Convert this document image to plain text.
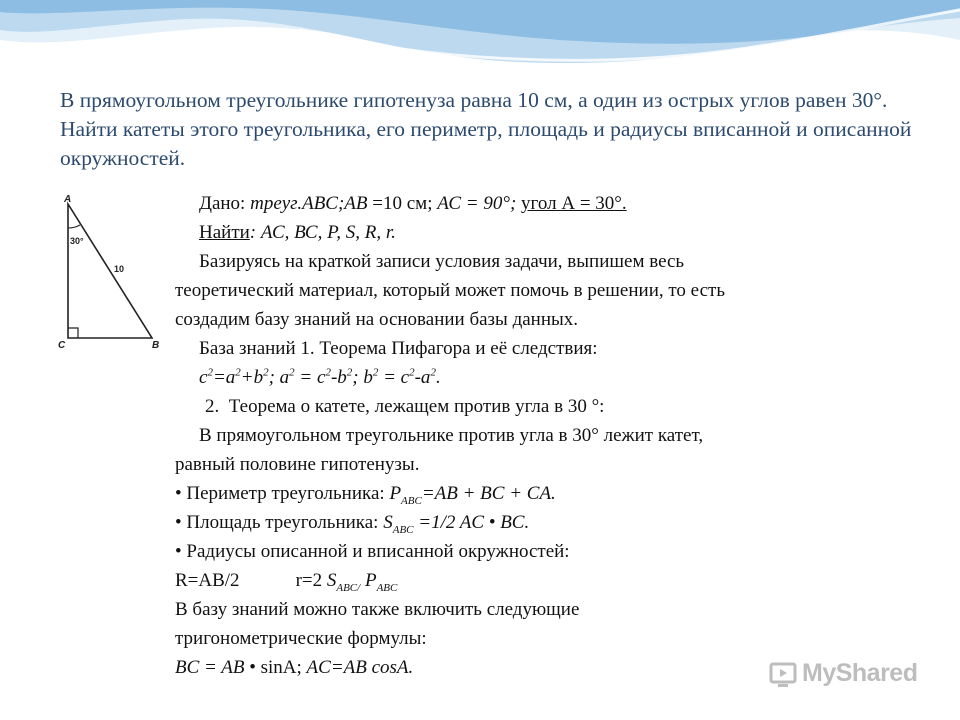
В прямоугольном треугольнике гипотенуза равна 10 см, а один из острых углов равен 30°. Найти катеты этого треугольника, его периметр, площадь и радиусы вписанной и описанной окружностей.
A
C	B
30°
10
Дано: треуг.ABC;AB =10 см; АС = 90°; угол А = 30°.
Найти: АС, ВС, P, S, R, r.
Базируясь на краткой записи условия задачи, выпишем весь
теоретический материал, который может помочь в решении, то есть
создадим базу знаний на основании базы данных.
База знаний 1. Теорема Пифагора и её следствия:
$c^2=a^2+b^2$; $a^2 = c^2-b^2$; $b^2 = c^2-a^2$.
2. Теорема о катете, лежащем против угла в 30 °:
В прямоугольном треугольнике против угла в 30° лежит катет,
равный половине гипотенузы.
• Периметр треугольника: $P_{ABC}=AB$ + BC + CA.
• Площадь треугольника: $S_{ABC} =1/2$ AC • BC.
• Радиусы описанной и вписанной окружностей:
R=AB/2	r=2 $S_{ABC/}$ $P_{ABC}$
В базу знаний можно также включить следующие
тригонометрические формулы:
BC = AB • sinA; AC=AB cosA.	MyShared
